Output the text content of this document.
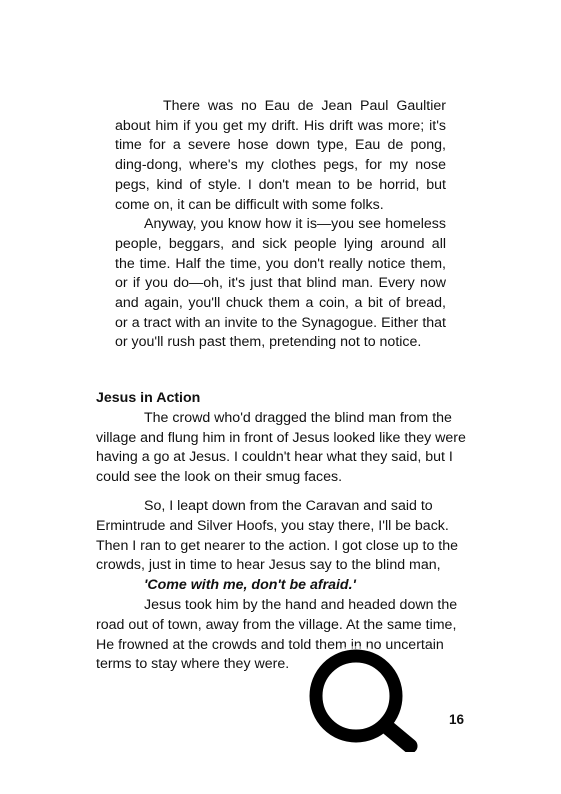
There was no Eau de Jean Paul Gaultier about him if you get my drift. His drift was more; it's time for a severe hose down type, Eau de pong, ding-dong, where's my clothes pegs, for my nose pegs, kind of style. I don't mean to be horrid, but come on, it can be difficult with some folks.

Anyway, you know how it is—you see homeless people, beggars, and sick people lying around all the time. Half the time, you don't really notice them, or if you do—oh, it's just that blind man. Every now and again, you'll chuck them a coin, a bit of bread, or a tract with an invite to the Synagogue. Either that or you'll rush past them, pretending not to notice.

Jesus in Action

The crowd who'd dragged the blind man from the village and flung him in front of Jesus looked like they were having a go at Jesus. I couldn't hear what they said, but I could see the look on their smug faces.

So, I leapt down from the Caravan and said to Ermintrude and Silver Hoofs, you stay there, I'll be back. Then I ran to get nearer to the action. I got close up to the crowds, just in time to hear Jesus say to the blind man,

'Come with me, don't be afraid.'

Jesus took him by the hand and headed down the road out of town, away from the village. At the same time, He frowned at the crowds and told them in no uncertain terms to stay where they were.

16
